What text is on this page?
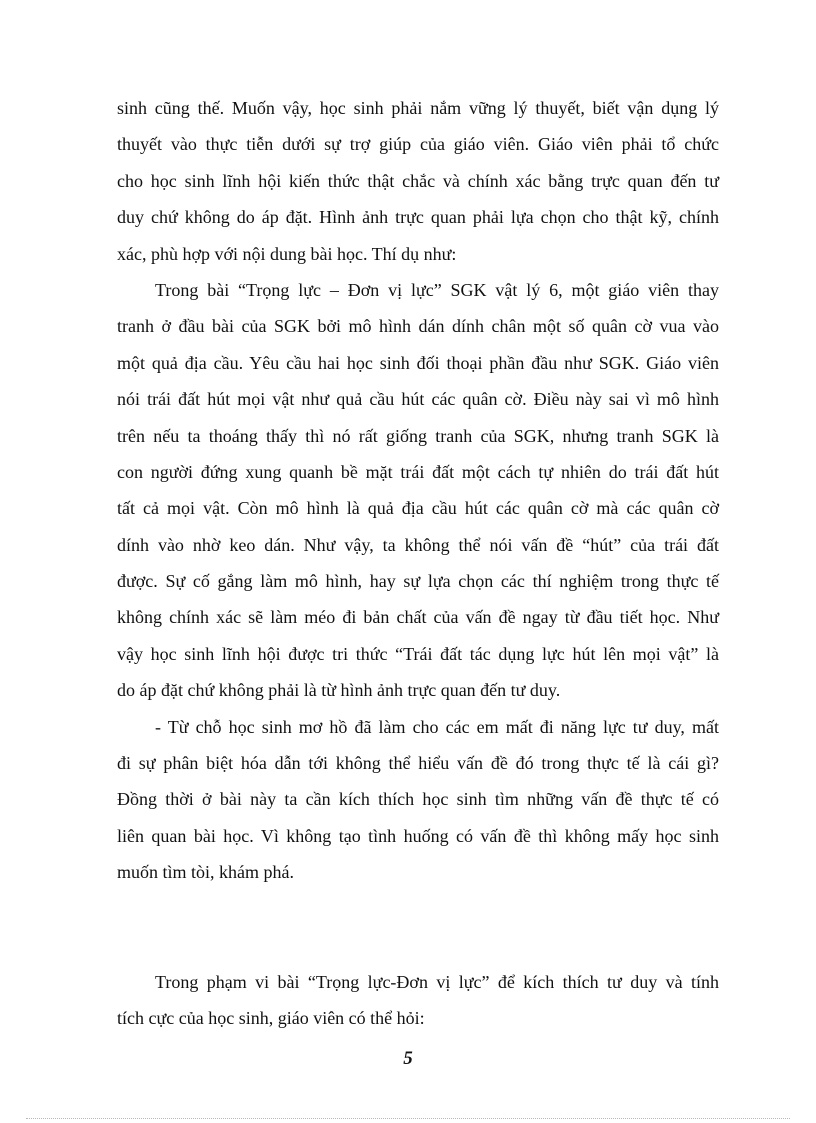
sinh cũng thế. Muốn vậy, học sinh phải nắm vững lý thuyết, biết vận dụng lý
thuyết vào thực tiễn dưới sự trợ giúp của giáo viên. Giáo viên phải tổ chức
cho học sinh lĩnh hội kiến thức thật chắc và chính xác bằng trực quan đến tư
duy chứ không do áp đặt. Hình ảnh trực quan phải lựa chọn cho thật kỹ, chính
xác, phù hợp với nội dung bài học. Thí dụ như:
Trong bài “Trọng lực – Đơn vị lực” SGK vật lý 6, một giáo viên thay
tranh ở đầu bài của SGK bởi mô hình dán dính chân một số quân cờ vua vào
một quả địa cầu. Yêu cầu hai học sinh đối thoại phần đầu như SGK. Giáo viên
nói trái đất hút mọi vật như quả cầu hút các quân cờ. Điều này sai vì mô hình
trên nếu ta thoáng thấy thì nó rất giống tranh của SGK, nhưng tranh SGK là
con người đứng xung quanh bề mặt trái đất một cách tự nhiên do trái đất hút
tất cả mọi vật. Còn mô hình là quả địa cầu hút các quân cờ mà các quân cờ
dính vào nhờ keo dán. Như vậy, ta không thể nói vấn đề “hút” của trái đất
được. Sự cố gắng làm mô hình, hay sự lựa chọn các thí nghiệm trong thực tế
không chính xác sẽ làm méo đi bản chất của vấn đề ngay từ đầu tiết học. Như
vậy học sinh lĩnh hội được tri thức “Trái đất tác dụng lực hút lên mọi vật” là
do áp đặt chứ không phải là từ hình ảnh trực quan đến tư duy.
- Từ chỗ học sinh mơ hồ đã làm cho các em mất đi năng lực tư duy, mất
đi sự phân biệt hóa dẫn tới không thể hiểu vấn đề đó trong thực tế là cái gì?
Đồng thời ở bài này ta cần kích thích học sinh tìm những vấn đề thực tế có
liên quan bài học. Vì không tạo tình huống có vấn đề thì không mấy học sinh
muốn tìm tòi, khám phá.
Trong phạm vi bài “Trọng lực-Đơn vị lực” để kích thích tư duy và tính
tích cực của học sinh, giáo viên có thể hỏi:
5
